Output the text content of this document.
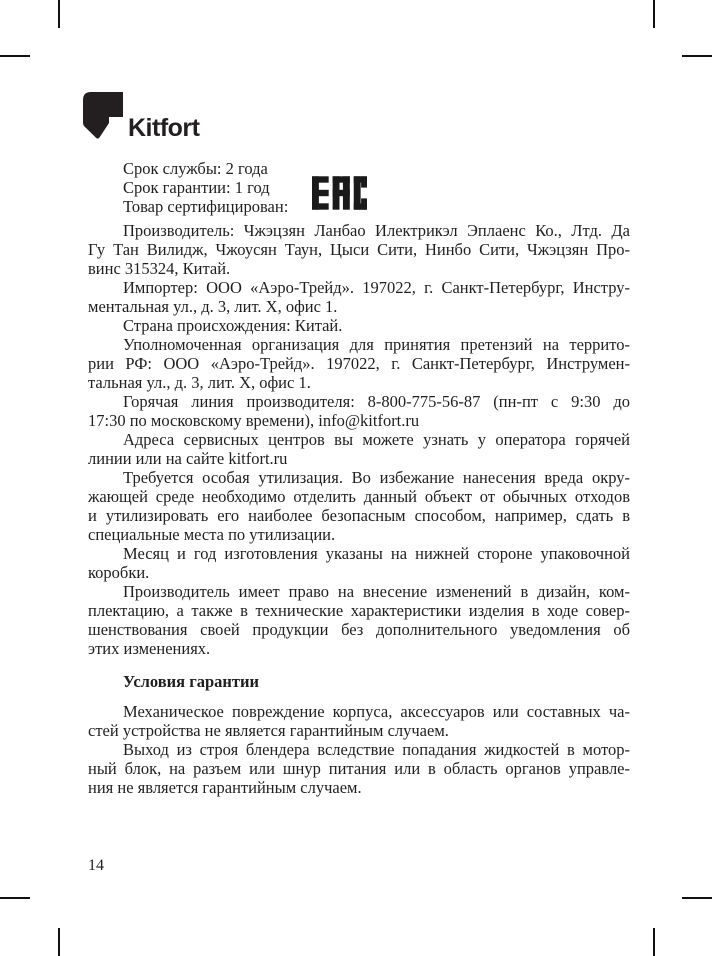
Kitfort
Срок службы: 2 года
Срок гарантии: 1 год
Товар сертифицирован:
Производитель: Чжэцзян Ланбао Илектрикэл Эплаенс Ко., Лтд. Да
Гу Тан Вилидж, Чжоусян Таун, Цыси Сити, Нинбо Сити, Чжэцзян Про-
винс 315324, Китай.
Импортер: ООО «Аэро-Трейд». 197022, г. Санкт-Петербург, Инстру-
ментальная ул., д. 3, лит. X, офис 1.
Страна происхождения: Китай.
Уполномоченная организация для принятия претензий на террито-
рии РФ: ООО «Аэро-Трейд». 197022, г. Санкт-Петербург, Инструмен-
тальная ул., д. 3, лит. X, офис 1.
Горячая линия производителя: 8-800-775-56-87 (пн-пт с 9:30 до
17:30 по московскому времени), info@kitfort.ru
Адреса сервисных центров вы можете узнать у оператора горячей
линии или на сайте kitfort.ru
Требуется особая утилизация. Во избежание нанесения вреда окру-
жающей среде необходимо отделить данный объект от обычных отходов
и утилизировать его наиболее безопасным способом, например, сдать в
специальные места по утилизации.
Месяц и год изготовления указаны на нижней стороне упаковочной
коробки.
Производитель имеет право на внесение изменений в дизайн, ком-
плектацию, а также в технические характеристики изделия в ходе совер-
шенствования своей продукции без дополнительного уведомления об
этих изменениях.
Условия гарантии
Механическое повреждение корпуса, аксессуаров или составных ча-
стей устройства не является гарантийным случаем.
Выход из строя блендера вследствие попадания жидкостей в мотор-
ный блок, на разъем или шнур питания или в область органов управле-
ния не является гарантийным случаем.
14
